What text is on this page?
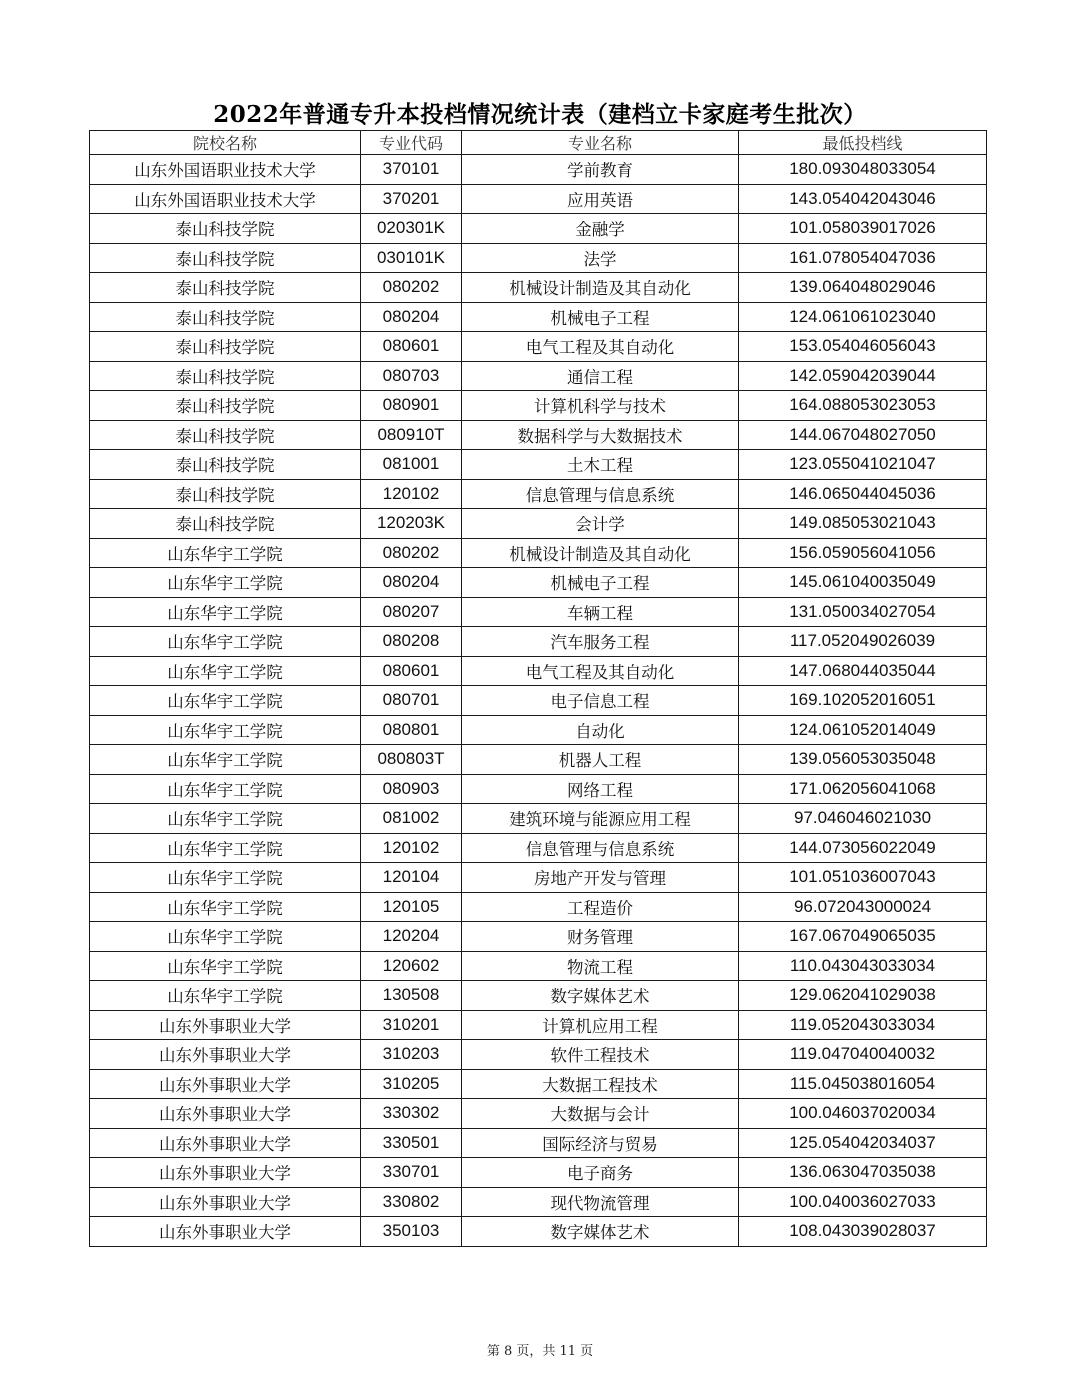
2022年普通专升本投档情况统计表（建档立卡家庭考生批次）
院校名称	专业代码	专业名称	最低投档线
山东外国语职业技术大学	370101	学前教育	180.093048033054
山东外国语职业技术大学	370201	应用英语	143.054042043046
泰山科技学院	020301K	金融学	101.058039017026
泰山科技学院	030101K	法学	161.078054047036
泰山科技学院	080202	机械设计制造及其自动化	139.064048029046
泰山科技学院	080204	机械电子工程	124.061061023040
泰山科技学院	080601	电气工程及其自动化	153.054046056043
泰山科技学院	080703	通信工程	142.059042039044
泰山科技学院	080901	计算机科学与技术	164.088053023053
泰山科技学院	080910T	数据科学与大数据技术	144.067048027050
泰山科技学院	081001	土木工程	123.055041021047
泰山科技学院	120102	信息管理与信息系统	146.065044045036
泰山科技学院	120203K	会计学	149.085053021043
山东华宇工学院	080202	机械设计制造及其自动化	156.059056041056
山东华宇工学院	080204	机械电子工程	145.061040035049
山东华宇工学院	080207	车辆工程	131.050034027054
山东华宇工学院	080208	汽车服务工程	117.052049026039
山东华宇工学院	080601	电气工程及其自动化	147.068044035044
山东华宇工学院	080701	电子信息工程	169.102052016051
山东华宇工学院	080801	自动化	124.061052014049
山东华宇工学院	080803T	机器人工程	139.056053035048
山东华宇工学院	080903	网络工程	171.062056041068
山东华宇工学院	081002	建筑环境与能源应用工程	97.046046021030
山东华宇工学院	120102	信息管理与信息系统	144.073056022049
山东华宇工学院	120104	房地产开发与管理	101.051036007043
山东华宇工学院	120105	工程造价	96.072043000024
山东华宇工学院	120204	财务管理	167.067049065035
山东华宇工学院	120602	物流工程	110.043043033034
山东华宇工学院	130508	数字媒体艺术	129.062041029038
山东外事职业大学	310201	计算机应用工程	119.052043033034
山东外事职业大学	310203	软件工程技术	119.047040040032
山东外事职业大学	310205	大数据工程技术	115.045038016054
山东外事职业大学	330302	大数据与会计	100.046037020034
山东外事职业大学	330501	国际经济与贸易	125.054042034037
山东外事职业大学	330701	电子商务	136.063047035038
山东外事职业大学	330802	现代物流管理	100.040036027033
山东外事职业大学	350103	数字媒体艺术	108.043039028037
第 8 页，共 11 页
